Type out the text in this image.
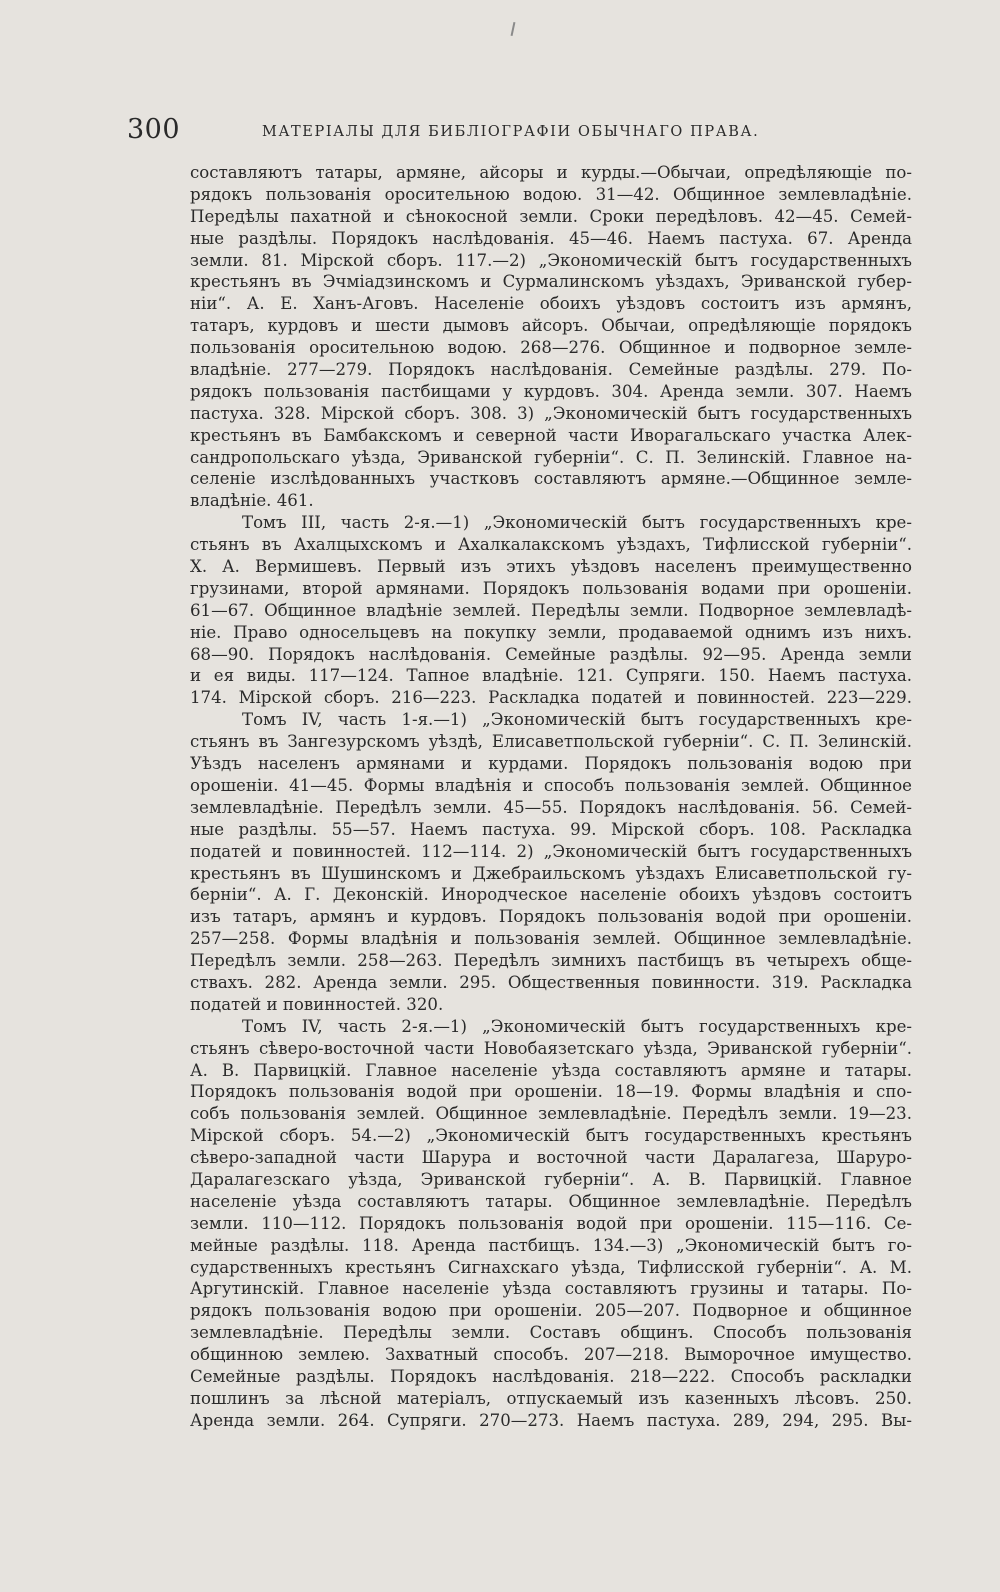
300	МАТЕРІАЛЫ ДЛЯ БИБЛІОГРАФІИ ОБЫЧНАГО ПРАВА.
составляютъ татары, армяне, айсоры и курды.—Обычаи, опредѣляющіе по-
рядокъ пользованія оросительною водою. 31—42. Общинное землевладѣніе.
Передѣлы пахатной и сѣнокосной земли. Сроки передѣловъ. 42—45. Семей-
ные раздѣлы. Порядокъ наслѣдованія. 45—46. Наемъ пастуха. 67. Аренда
земли. 81. Мірской сборъ. 117.—2) „Экономическій бытъ государственныхъ
крестьянъ въ Эчміадзинскомъ и Сурмалинскомъ уѣздахъ, Эриванской губер-
ніи“. А. Е. Ханъ-Аговъ. Населеніе обоихъ уѣздовъ состоитъ изъ армянъ,
татаръ, курдовъ и шести дымовъ айсоръ. Обычаи, опредѣляющіе порядокъ
пользованія оросительною водою. 268—276. Общинное и подворное земле-
владѣніе. 277—279. Порядокъ наслѣдованія. Семейные раздѣлы. 279. По-
рядокъ пользованія пастбищами у курдовъ. 304. Аренда земли. 307. Наемъ
пастуха. 328. Мірской сборъ. 308. 3) „Экономическій бытъ государственныхъ
крестьянъ въ Бамбакскомъ и северной части Иворагальскаго участка Алек-
сандропольскаго уѣзда, Эриванской губерніи“. С. П. Зелинскій. Главное на-
селеніе изслѣдованныхъ участковъ составляютъ армяне.—Общинное земле-
владѣніе. 461.
Томъ III, часть 2-я.—1) „Экономическій бытъ государственныхъ кре-
стьянъ въ Ахалцыхскомъ и Ахалкалакскомъ уѣздахъ, Тифлисской губерніи“.
Х. А. Вермишевъ. Первый изъ этихъ уѣздовъ населенъ преимущественно
грузинами, второй армянами. Порядокъ пользованія водами при орошеніи.
61—67. Общинное владѣніе землей. Передѣлы земли. Подворное землевладѣ-
ніе. Право односельцевъ на покупку земли, продаваемой однимъ изъ нихъ.
68—90. Порядокъ наслѣдованія. Семейные раздѣлы. 92—95. Аренда земли
и ея виды. 117—124. Тапное владѣніе. 121. Супряги. 150. Наемъ пастуха.
174. Мірской сборъ. 216—223. Раскладка податей и повинностей. 223—229.
Томъ IV, часть 1-я.—1) „Экономическій бытъ государственныхъ кре-
стьянъ въ Зангезурскомъ уѣздѣ, Елисаветпольской губерніи“. С. П. Зелинскій.
Уѣздъ населенъ армянами и курдами. Порядокъ пользованія водою при
орошеніи. 41—45. Формы владѣнія и способъ пользованія землей. Общинное
землевладѣніе. Передѣлъ земли. 45—55. Порядокъ наслѣдованія. 56. Семей-
ные раздѣлы. 55—57. Наемъ пастуха. 99. Мірской сборъ. 108. Раскладка
податей и повинностей. 112—114. 2) „Экономическій бытъ государственныхъ
крестьянъ въ Шушинскомъ и Джебраильскомъ уѣздахъ Елисаветпольской гу-
берніи“. А. Г. Деконскій. Инородческое населеніе обоихъ уѣздовъ состоитъ
изъ татаръ, армянъ и курдовъ. Порядокъ пользованія водой при орошеніи.
257—258. Формы владѣнія и пользованія землей. Общинное землевладѣніе.
Передѣлъ земли. 258—263. Передѣлъ зимнихъ пастбищъ въ четырехъ обще-
ствахъ. 282. Аренда земли. 295. Общественныя повинности. 319. Раскладка
податей и повинностей. 320.
Томъ IV, часть 2-я.—1) „Экономическій бытъ государственныхъ кре-
стьянъ сѣверо-восточной части Новобаязетскаго уѣзда, Эриванской губерніи“.
А. В. Парвицкій. Главное населеніе уѣзда составляютъ армяне и татары.
Порядокъ пользованія водой при орошеніи. 18—19. Формы владѣнія и спо-
собъ пользованія землей. Общинное землевладѣніе. Передѣлъ земли. 19—23.
Мірской сборъ. 54.—2) „Экономическій бытъ государственныхъ крестьянъ
сѣверо-западной части Шарура и восточной части Даралагеза, Шаруро-
Даралагезскаго уѣзда, Эриванской губерніи“. А. В. Парвицкій. Главное
населеніе уѣзда составляютъ татары. Общинное землевладѣніе. Передѣлъ
земли. 110—112. Порядокъ пользованія водой при орошеніи. 115—116. Се-
мейные раздѣлы. 118. Аренда пастбищъ. 134.—3) „Экономическій бытъ го-
сударственныхъ крестьянъ Сигнахскаго уѣзда, Тифлисской губерніи“. А. М.
Аргутинскій. Главное населеніе уѣзда составляютъ грузины и татары. По-
рядокъ пользованія водою при орошеніи. 205—207. Подворное и общинное
землевладѣніе. Передѣлы земли. Составъ общинъ. Способъ пользованія
общинною землею. Захватный способъ. 207—218. Выморочное имущество.
Семейные раздѣлы. Порядокъ наслѣдованія. 218—222. Способъ раскладки
пошлинъ за лѣсной матеріалъ, отпускаемый изъ казенныхъ лѣсовъ. 250.
Аренда земли. 264. Супряги. 270—273. Наемъ пастуха. 289, 294, 295. Вы-
